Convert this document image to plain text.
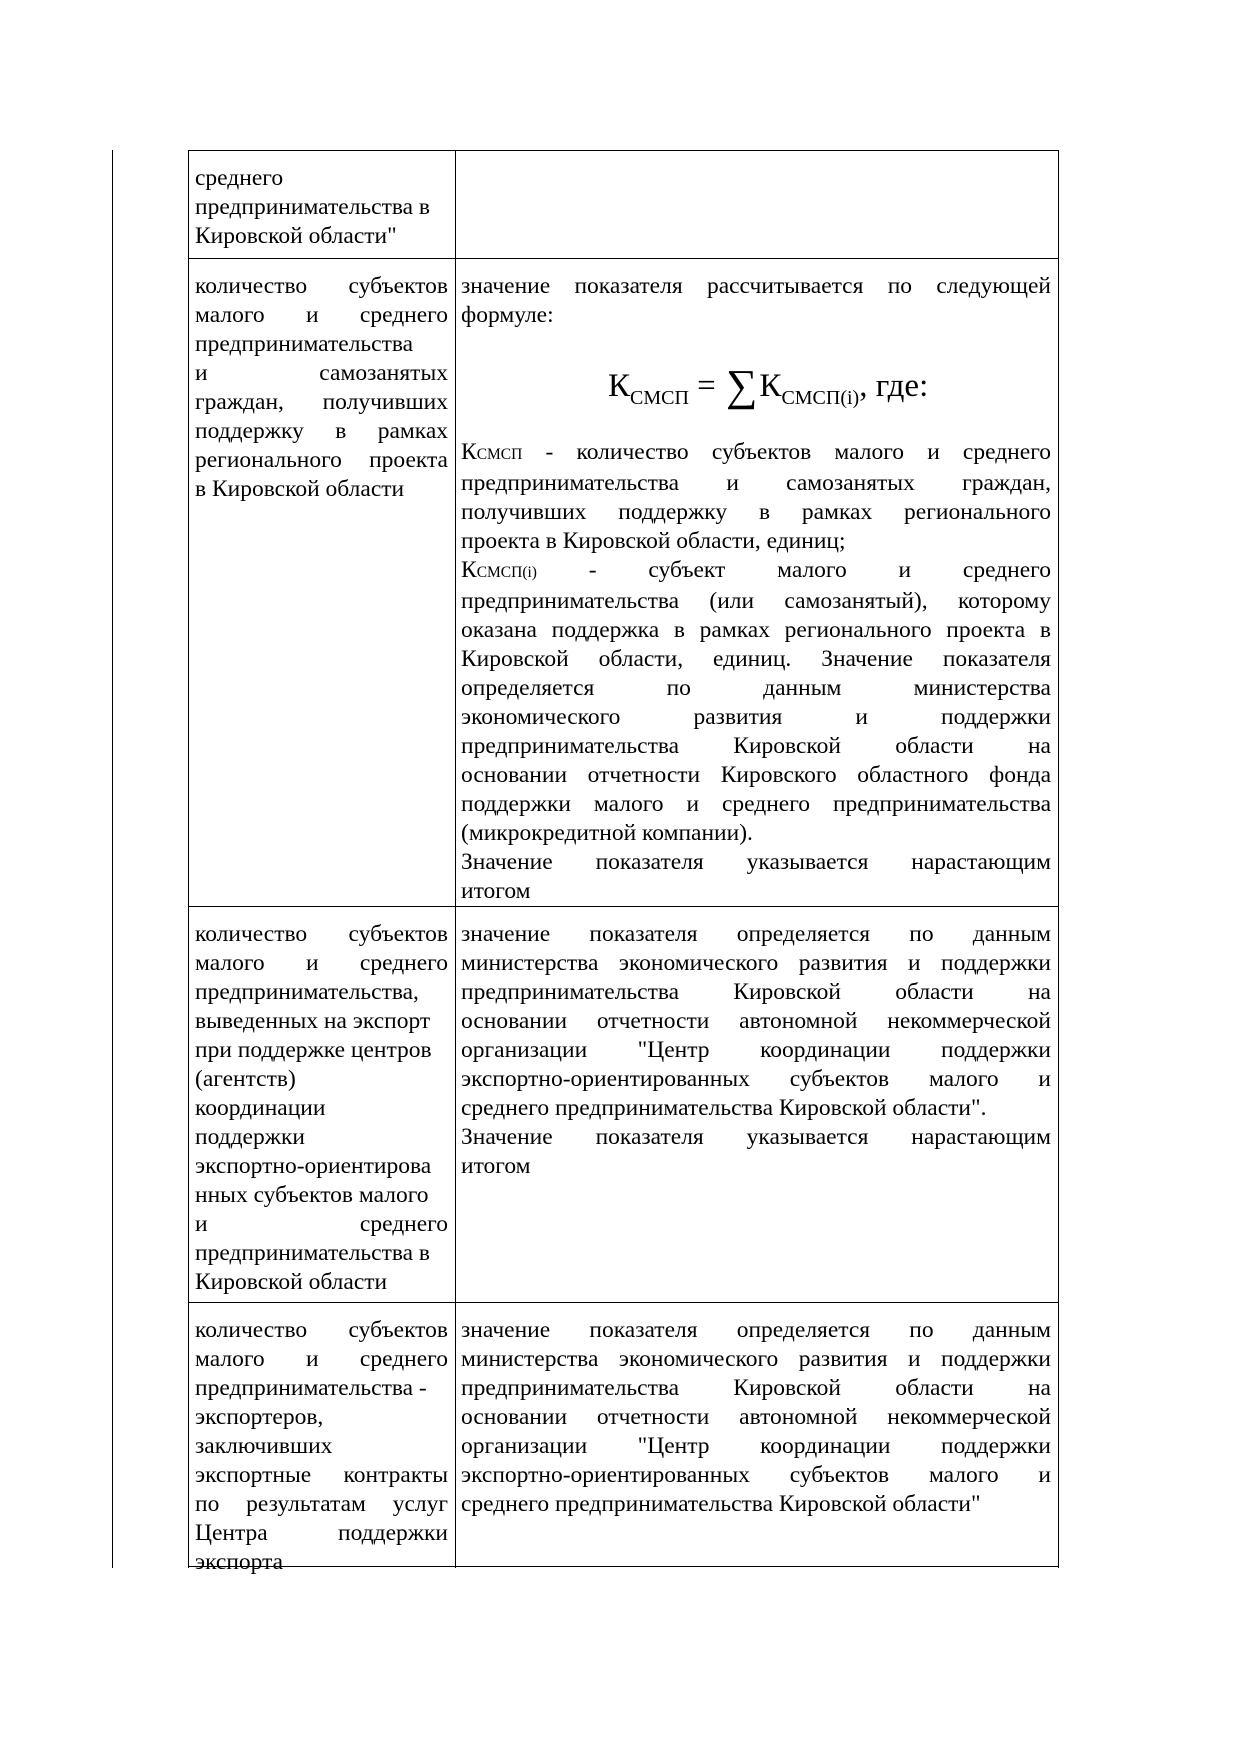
среднего
предпринимательства в
Кировской области"
количество субъектов
малого и среднего
предпринимательства
и самозанятых
граждан, получивших
поддержку в рамках
регионального проекта
в Кировской области
значение показателя рассчитывается по следующей
формуле:
$К_{СМСП} = \sum К_{СМСП(i)}$, где:
КСМСП - количество субъектов малого и среднего
предпринимательства и самозанятых граждан,
получивших поддержку в рамках регионального
проекта в Кировской области, единиц;
КСМСП(i) - субъект малого и среднего
предпринимательства (или самозанятый), которому
оказана поддержка в рамках регионального проекта в
Кировской области, единиц. Значение показателя
определяется по данным министерства
экономического развития и поддержки
предпринимательства Кировской области на
основании отчетности Кировского областного фонда
поддержки малого и среднего предпринимательства
(микрокредитной компании).
Значение показателя указывается нарастающим
итогом
количество субъектов
малого и среднего
предпринимательства,
выведенных на экспорт
при поддержке центров
(агентств)
координации
поддержки
экспортно-ориентирова
нных субъектов малого
и среднего
предпринимательства в
Кировской области
значение показателя определяется по данным
министерства экономического развития и поддержки
предпринимательства Кировской области на
основании отчетности автономной некоммерческой
организации "Центр координации поддержки
экспортно-ориентированных субъектов малого и
среднего предпринимательства Кировской области".
Значение показателя указывается нарастающим
итогом
количество субъектов
малого и среднего
предпринимательства -
экспортеров,
заключивших
экспортные контракты
по результатам услуг
Центра поддержки
экспорта
значение показателя определяется по данным
министерства экономического развития и поддержки
предпринимательства Кировской области на
основании отчетности автономной некоммерческой
организации "Центр координации поддержки
экспортно-ориентированных субъектов малого и
среднего предпринимательства Кировской области"
